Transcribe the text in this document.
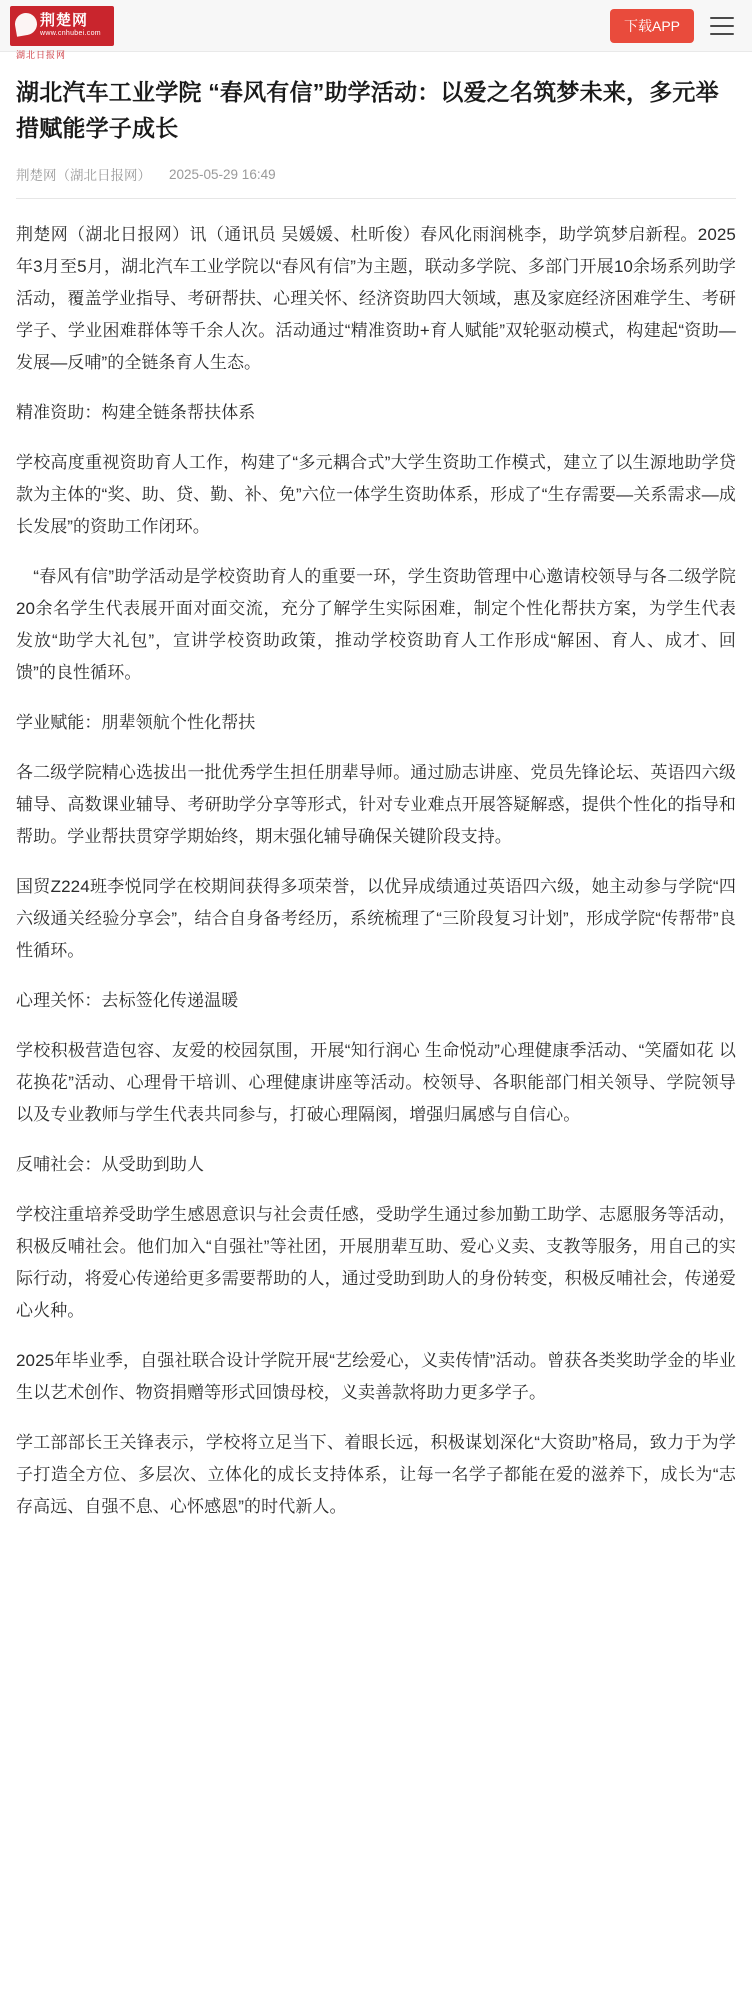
荆楚网
www.cnhubei.com
湖北日报网
下载APP
湖北汽车工业学院 “春风有信”助学活动：以爱之名筑梦未来，多元举措赋能学子成长
荆楚网（湖北日报网） 2025-05-29 16:49

荆楚网（湖北日报网）讯（通讯员 吴媛媛、杜昕俊）春风化雨润桃李，助学筑梦启新程。2025年3月至5月，湖北汽车工业学院以“春风有信”为主题，联动多学院、多部门开展10余场系列助学活动，覆盖学业指导、考研帮扶、心理关怀、经济资助四大领域，惠及家庭经济困难学生、考研学子、学业困难群体等千余人次。活动通过“精准资助+育人赋能”双轮驱动模式，构建起“资助—发展—反哺”的全链条育人生态。

精准资助：构建全链条帮扶体系

学校高度重视资助育人工作，构建了“多元耦合式”大学生资助工作模式，建立了以生源地助学贷款为主体的“奖、助、贷、勤、补、免”六位一体学生资助体系，形成了“生存需要—关系需求—成长发展”的资助工作闭环。

　“春风有信”助学活动是学校资助育人的重要一环，学生资助管理中心邀请校领导与各二级学院20余名学生代表展开面对面交流，充分了解学生实际困难，制定个性化帮扶方案，为学生代表发放“助学大礼包”，宣讲学校资助政策，推动学校资助育人工作形成“解困、育人、成才、回馈”的良性循环。

学业赋能：朋辈领航个性化帮扶

各二级学院精心选拔出一批优秀学生担任朋辈导师。通过励志讲座、党员先锋论坛、英语四六级辅导、高数课业辅导、考研助学分享等形式，针对专业难点开展答疑解惑，提供个性化的指导和帮助。学业帮扶贯穿学期始终，期末强化辅导确保关键阶段支持。

国贸Z224班李悦同学在校期间获得多项荣誉，以优异成绩通过英语四六级，她主动参与学院“四六级通关经验分享会”，结合自身备考经历，系统梳理了“三阶段复习计划”，形成学院“传帮带”良性循环。

心理关怀：去标签化传递温暖

学校积极营造包容、友爱的校园氛围，开展“知行润心 生命悦动”心理健康季活动、“笑靥如花 以花换花”活动、心理骨干培训、心理健康讲座等活动。校领导、各职能部门相关领导、学院领导以及专业教师与学生代表共同参与，打破心理隔阂，增强归属感与自信心。

反哺社会：从受助到助人

学校注重培养受助学生感恩意识与社会责任感，受助学生通过参加勤工助学、志愿服务等活动，积极反哺社会。他们加入“自强社”等社团，开展朋辈互助、爱心义卖、支教等服务，用自己的实际行动，将爱心传递给更多需要帮助的人，通过受助到助人的身份转变，积极反哺社会，传递爱心火种。

2025年毕业季，自强社联合设计学院开展“艺绘爱心，义卖传情”活动。曾获各类奖助学金的毕业生以艺术创作、物资捐赠等形式回馈母校，义卖善款将助力更多学子。

学工部部长王关锋表示，学校将立足当下、着眼长远，积极谋划深化“大资助”格局，致力于为学子打造全方位、多层次、立体化的成长支持体系，让每一名学子都能在爱的滋养下，成长为“志存高远、自强不息、心怀感恩”的时代新人。
